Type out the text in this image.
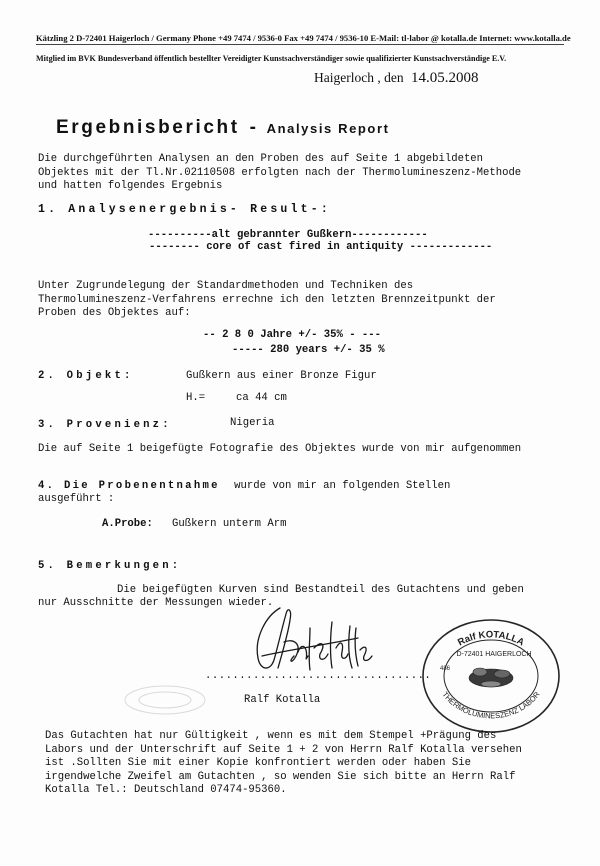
Kätzling 2 D-72401 Haigerloch / Germany Phone +49 7474 / 9536-0 Fax +49 7474 / 9536-10 E-Mail: tl-labor @ kotalla.de Internet: www.kotalla.de
Mitglied im BVK Bundesverband öffentlich bestellter Vereidigter Kunstsachverständiger sowie qualifizierter Kunstsachverständige E.V.
Haigerloch , den 14.05.2008
Ergebnisbericht - Analysis Report
Die durchgeführten Analysen an den Proben des auf Seite 1 abgebildeten
Objektes mit der Tl.Nr.02110508 erfolgten nach der Thermolumineszenz-Methode
und hatten folgendes Ergebnis
1. Analysenergebnis- Result-:
----------alt gebrannter Gußkern------------
-------- core of cast fired in antiquity -------------
Unter Zugrundelegung der Standardmethoden und Techniken des
Thermolumineszenz-Verfahrens errechne ich den letzten Brennzeitpunkt der
Proben des Objektes auf:
-- 2 8 0 Jahre +/- 35% - ---
----- 280 years +/- 35 %
2. Objekt:	Gußkern aus einer Bronze Figur
H.=	ca 44 cm
3. Provenienz:	Nigeria
Die auf Seite 1 beigefügte Fotografie des Objektes wurde von mir aufgenommen
4. Die Probenentnahme wurde von mir an folgenden Stellen
ausgeführt :
A.Probe: Gußkern unterm Arm
5. Bemerkungen:
Die beigefügten Kurven sind Bestandteil des Gutachtens und geben
nur Ausschnitte der Messungen wieder.
.................................
Ralf Kotalla
Ralf KOTALLA
D-72401 HAIGERLOCH
486
THERMOLUMINESZENZ LABOR
Das Gutachten hat nur Gültigkeit , wenn es mit dem Stempel +Prägung des
Labors und der Unterschrift auf Seite 1 + 2 von Herrn Ralf Kotalla versehen
ist .Sollten Sie mit einer Kopie konfrontiert werden oder haben Sie
irgendwelche Zweifel am Gutachten , so wenden Sie sich bitte an Herrn Ralf
Kotalla Tel.: Deutschland 07474-95360.
